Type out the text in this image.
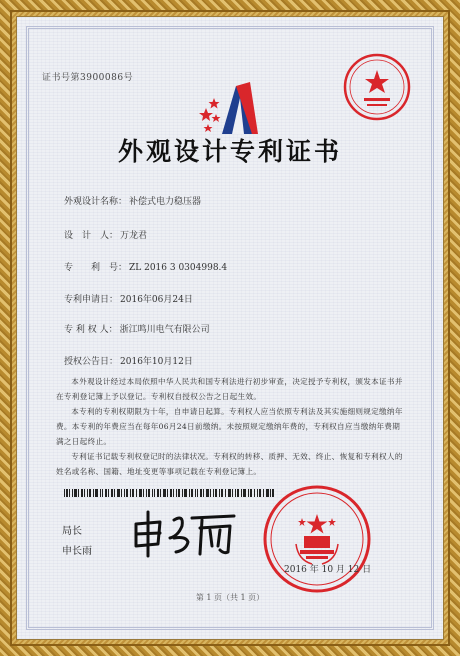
证书号第3900086号
外观设计专利证书
外观设计名称： 补偿式电力稳压器
设　计　人： 万龙君
专　　利　号： ZL 2016 3 0304998.4
专利申请日： 2016年06月24日
专 利 权 人： 浙江鸣川电气有限公司
授权公告日： 2016年10月12日
本外观设计经过本局依照中华人民共和国专利法进行初步审查，决定授予专利权，颁发本证书并在专利登记簿上予以登记。专利权自授权公告之日起生效。
本专利的专利权期限为十年，自申请日起算。专利权人应当依照专利法及其实施细则规定缴纳年费。本专利的年费应当在每年06月24日前缴纳。未按照规定缴纳年费的，专利权自应当缴纳年费期满之日起终止。
专利证书记载专利权登记时的法律状况。专利权的转移、质押、无效、终止、恢复和专利权人的姓名或名称、国籍、地址变更等事项记载在专利登记簿上。
局长
申长雨
2016 年 10 月 12 日
第 1 页（共 1 页）
